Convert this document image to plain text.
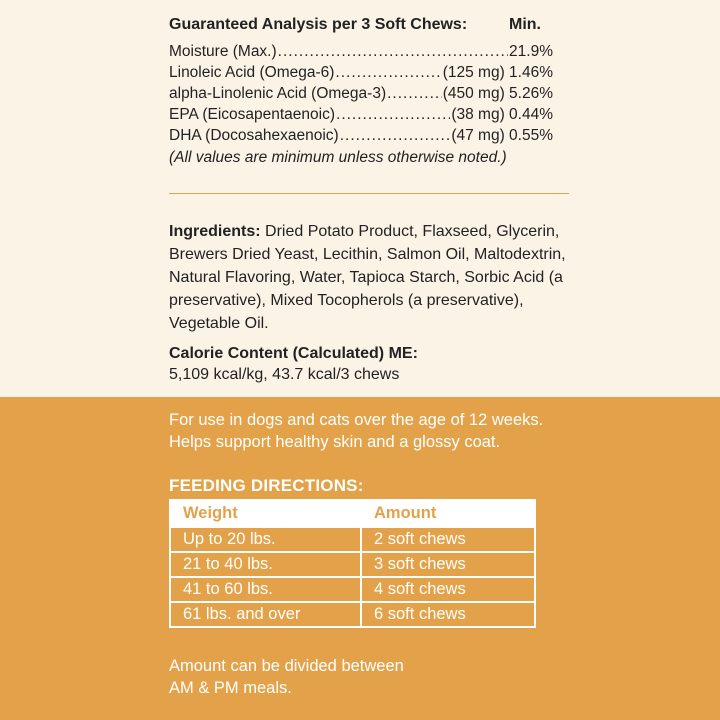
Guaranteed Analysis per 3 Soft Chews:	Min.
Moisture (Max.) .....	21.9%
Linoleic Acid (Omega-6) .....	(125 mg) 1.46%
alpha-Linolenic Acid (Omega-3) .....	(450 mg) 5.26%
EPA (Eicosapentaenoic) .....	(38 mg) 0.44%
DHA (Docosahexaenoic) .....	(47 mg) 0.55%
(All values are minimum unless otherwise noted.)
Ingredients: Dried Potato Product, Flaxseed, Glycerin, Brewers Dried Yeast, Lecithin, Salmon Oil, Maltodextrin, Natural Flavoring, Water, Tapioca Starch, Sorbic Acid (a preservative), Mixed Tocopherols (a preservative), Vegetable Oil.
Calorie Content (Calculated) ME:
5,109 kcal/kg, 43.7 kcal/3 chews
For use in dogs and cats over the age of 12 weeks.
Helps support healthy skin and a glossy coat.
FEEDING DIRECTIONS:
Weight	Amount
Up to 20 lbs.	2 soft chews
21 to 40 lbs.	3 soft chews
41 to 60 lbs.	4 soft chews
61 lbs. and over	6 soft chews
Amount can be divided between
AM & PM meals.
